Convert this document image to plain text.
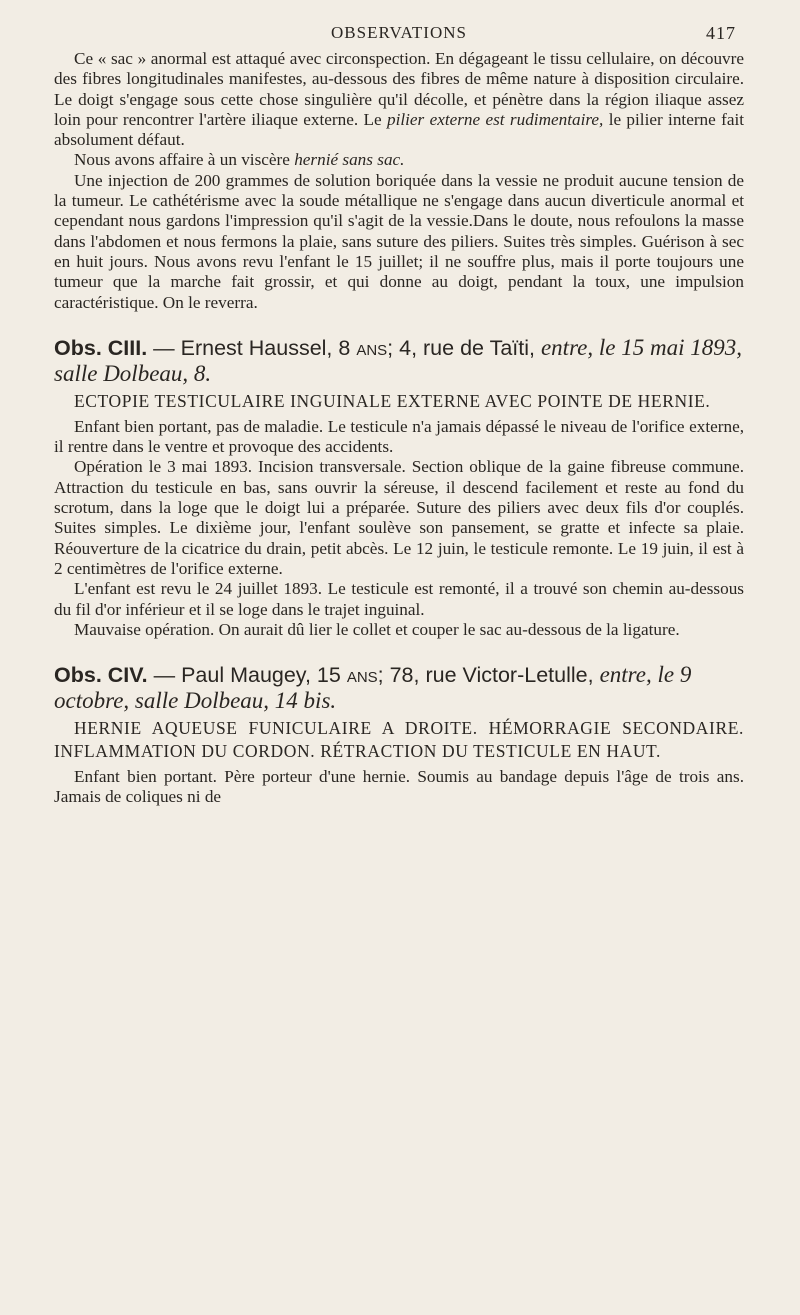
OBSERVATIONS	417

Ce « sac » anormal est attaqué avec circonspection. En dégageant le tissu cellulaire, on découvre des fibres longitudinales manifestes, au-dessous des fibres de même nature à disposition circulaire. Le doigt s'engage sous cette chose singulière qu'il décolle, et pénètre dans la région iliaque assez loin pour rencontrer l'artère iliaque externe. Le pilier externe est rudimentaire, le pilier interne fait absolument défaut.

Nous avons affaire à un viscère hernié sans sac.

Une injection de 200 grammes de solution boriquée dans la vessie ne produit aucune tension de la tumeur. Le cathétérisme avec la soude métallique ne s'engage dans aucun diverticule anormal et cependant nous gardons l'impression qu'il s'agit de la vessie.Dans le doute, nous refoulons la masse dans l'abdomen et nous fermons la plaie, sans suture des piliers. Suites très simples. Guérison à sec en huit jours. Nous avons revu l'enfant le 15 juillet; il ne souffre plus, mais il porte toujours une tumeur que la marche fait grossir, et qui donne au doigt, pendant la toux, une impulsion caractéristique. On le reverra.

Obs. CIII. — Ernest Haussel, 8 ans; 4, rue de Taïti, entre, le 15 mai 1893, salle Dolbeau, 8.

ECTOPIE TESTICULAIRE INGUINALE EXTERNE AVEC POINTE DE HERNIE.

Enfant bien portant, pas de maladie. Le testicule n'a jamais dépassé le niveau de l'orifice externe, il rentre dans le ventre et provoque des accidents.

Opération le 3 mai 1893. Incision transversale. Section oblique de la gaine fibreuse commune. Attraction du testicule en bas, sans ouvrir la séreuse, il descend facilement et reste au fond du scrotum, dans la loge que le doigt lui a préparée. Suture des piliers avec deux fils d'or couplés. Suites simples. Le dixième jour, l'enfant soulève son pansement, se gratte et infecte sa plaie. Réouverture de la cicatrice du drain, petit abcès. Le 12 juin, le testicule remonte. Le 19 juin, il est à 2 centimètres de l'orifice externe.

L'enfant est revu le 24 juillet 1893. Le testicule est remonté, il a trouvé son chemin au-dessous du fil d'or inférieur et il se loge dans le trajet inguinal.

Mauvaise opération. On aurait dû lier le collet et couper le sac au-dessous de la ligature.

Obs. CIV. — Paul Maugey, 15 ans; 78, rue Victor-Letulle, entre, le 9 octobre, salle Dolbeau, 14 bis.

HERNIE AQUEUSE FUNICULAIRE A DROITE. HÉMORRAGIE SECONDAIRE. INFLAMMATION DU CORDON. RÉTRACTION DU TESTICULE EN HAUT.

Enfant bien portant. Père porteur d'une hernie. Soumis au bandage depuis l'âge de trois ans. Jamais de coliques ni de
